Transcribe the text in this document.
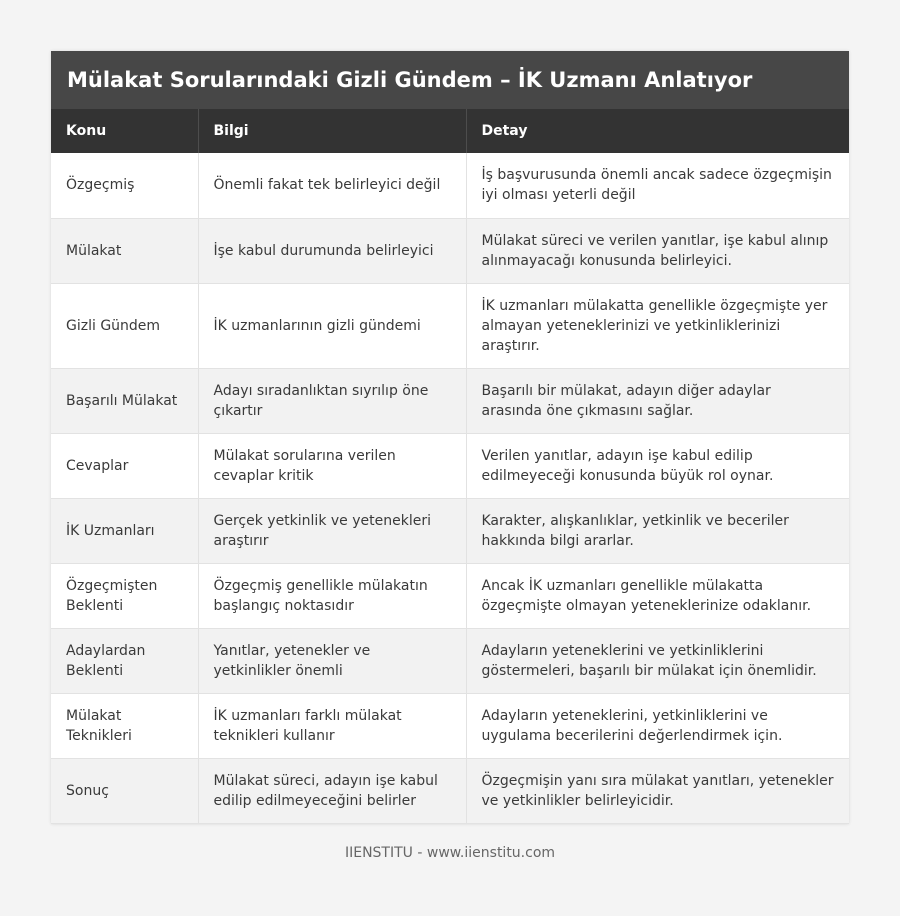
Mülakat Sorularındaki Gizli Gündem – İK Uzmanı Anlatıyor
Konu	Bilgi	Detay
Özgeçmiş	Önemli fakat tek belirleyici değil	İş başvurusunda önemli ancak sadece özgeçmişin iyi olması yeterli değil
Mülakat	İşe kabul durumunda belirleyici	Mülakat süreci ve verilen yanıtlar, işe kabul alınıp alınmayacağı konusunda belirleyici.
Gizli Gündem	İK uzmanlarının gizli gündemi	İK uzmanları mülakatta genellikle özgeçmişte yer almayan yeteneklerinizi ve yetkinliklerinizi araştırır.
Başarılı Mülakat	Adayı sıradanlıktan sıyrılıp öne çıkartır	Başarılı bir mülakat, adayın diğer adaylar arasında öne çıkmasını sağlar.
Cevaplar	Mülakat sorularına verilen cevaplar kritik	Verilen yanıtlar, adayın işe kabul edilip edilmeyeceği konusunda büyük rol oynar.
İK Uzmanları	Gerçek yetkinlik ve yetenekleri araştırır	Karakter, alışkanlıklar, yetkinlik ve beceriler hakkında bilgi ararlar.
Özgeçmişten Beklenti	Özgeçmiş genellikle mülakatın başlangıç noktasıdır	Ancak İK uzmanları genellikle mülakatta özgeçmişte olmayan yeteneklerinize odaklanır.
Adaylardan Beklenti	Yanıtlar, yetenekler ve yetkinlikler önemli	Adayların yeteneklerini ve yetkinliklerini göstermeleri, başarılı bir mülakat için önemlidir.
Mülakat Teknikleri	İK uzmanları farklı mülakat teknikleri kullanır	Adayların yeteneklerini, yetkinliklerini ve uygulama becerilerini değerlendirmek için.
Sonuç	Mülakat süreci, adayın işe kabul edilip edilmeyeceğini belirler	Özgeçmişin yanı sıra mülakat yanıtları, yetenekler ve yetkinlikler belirleyicidir.
IIENSTITU - www.iienstitu.com
